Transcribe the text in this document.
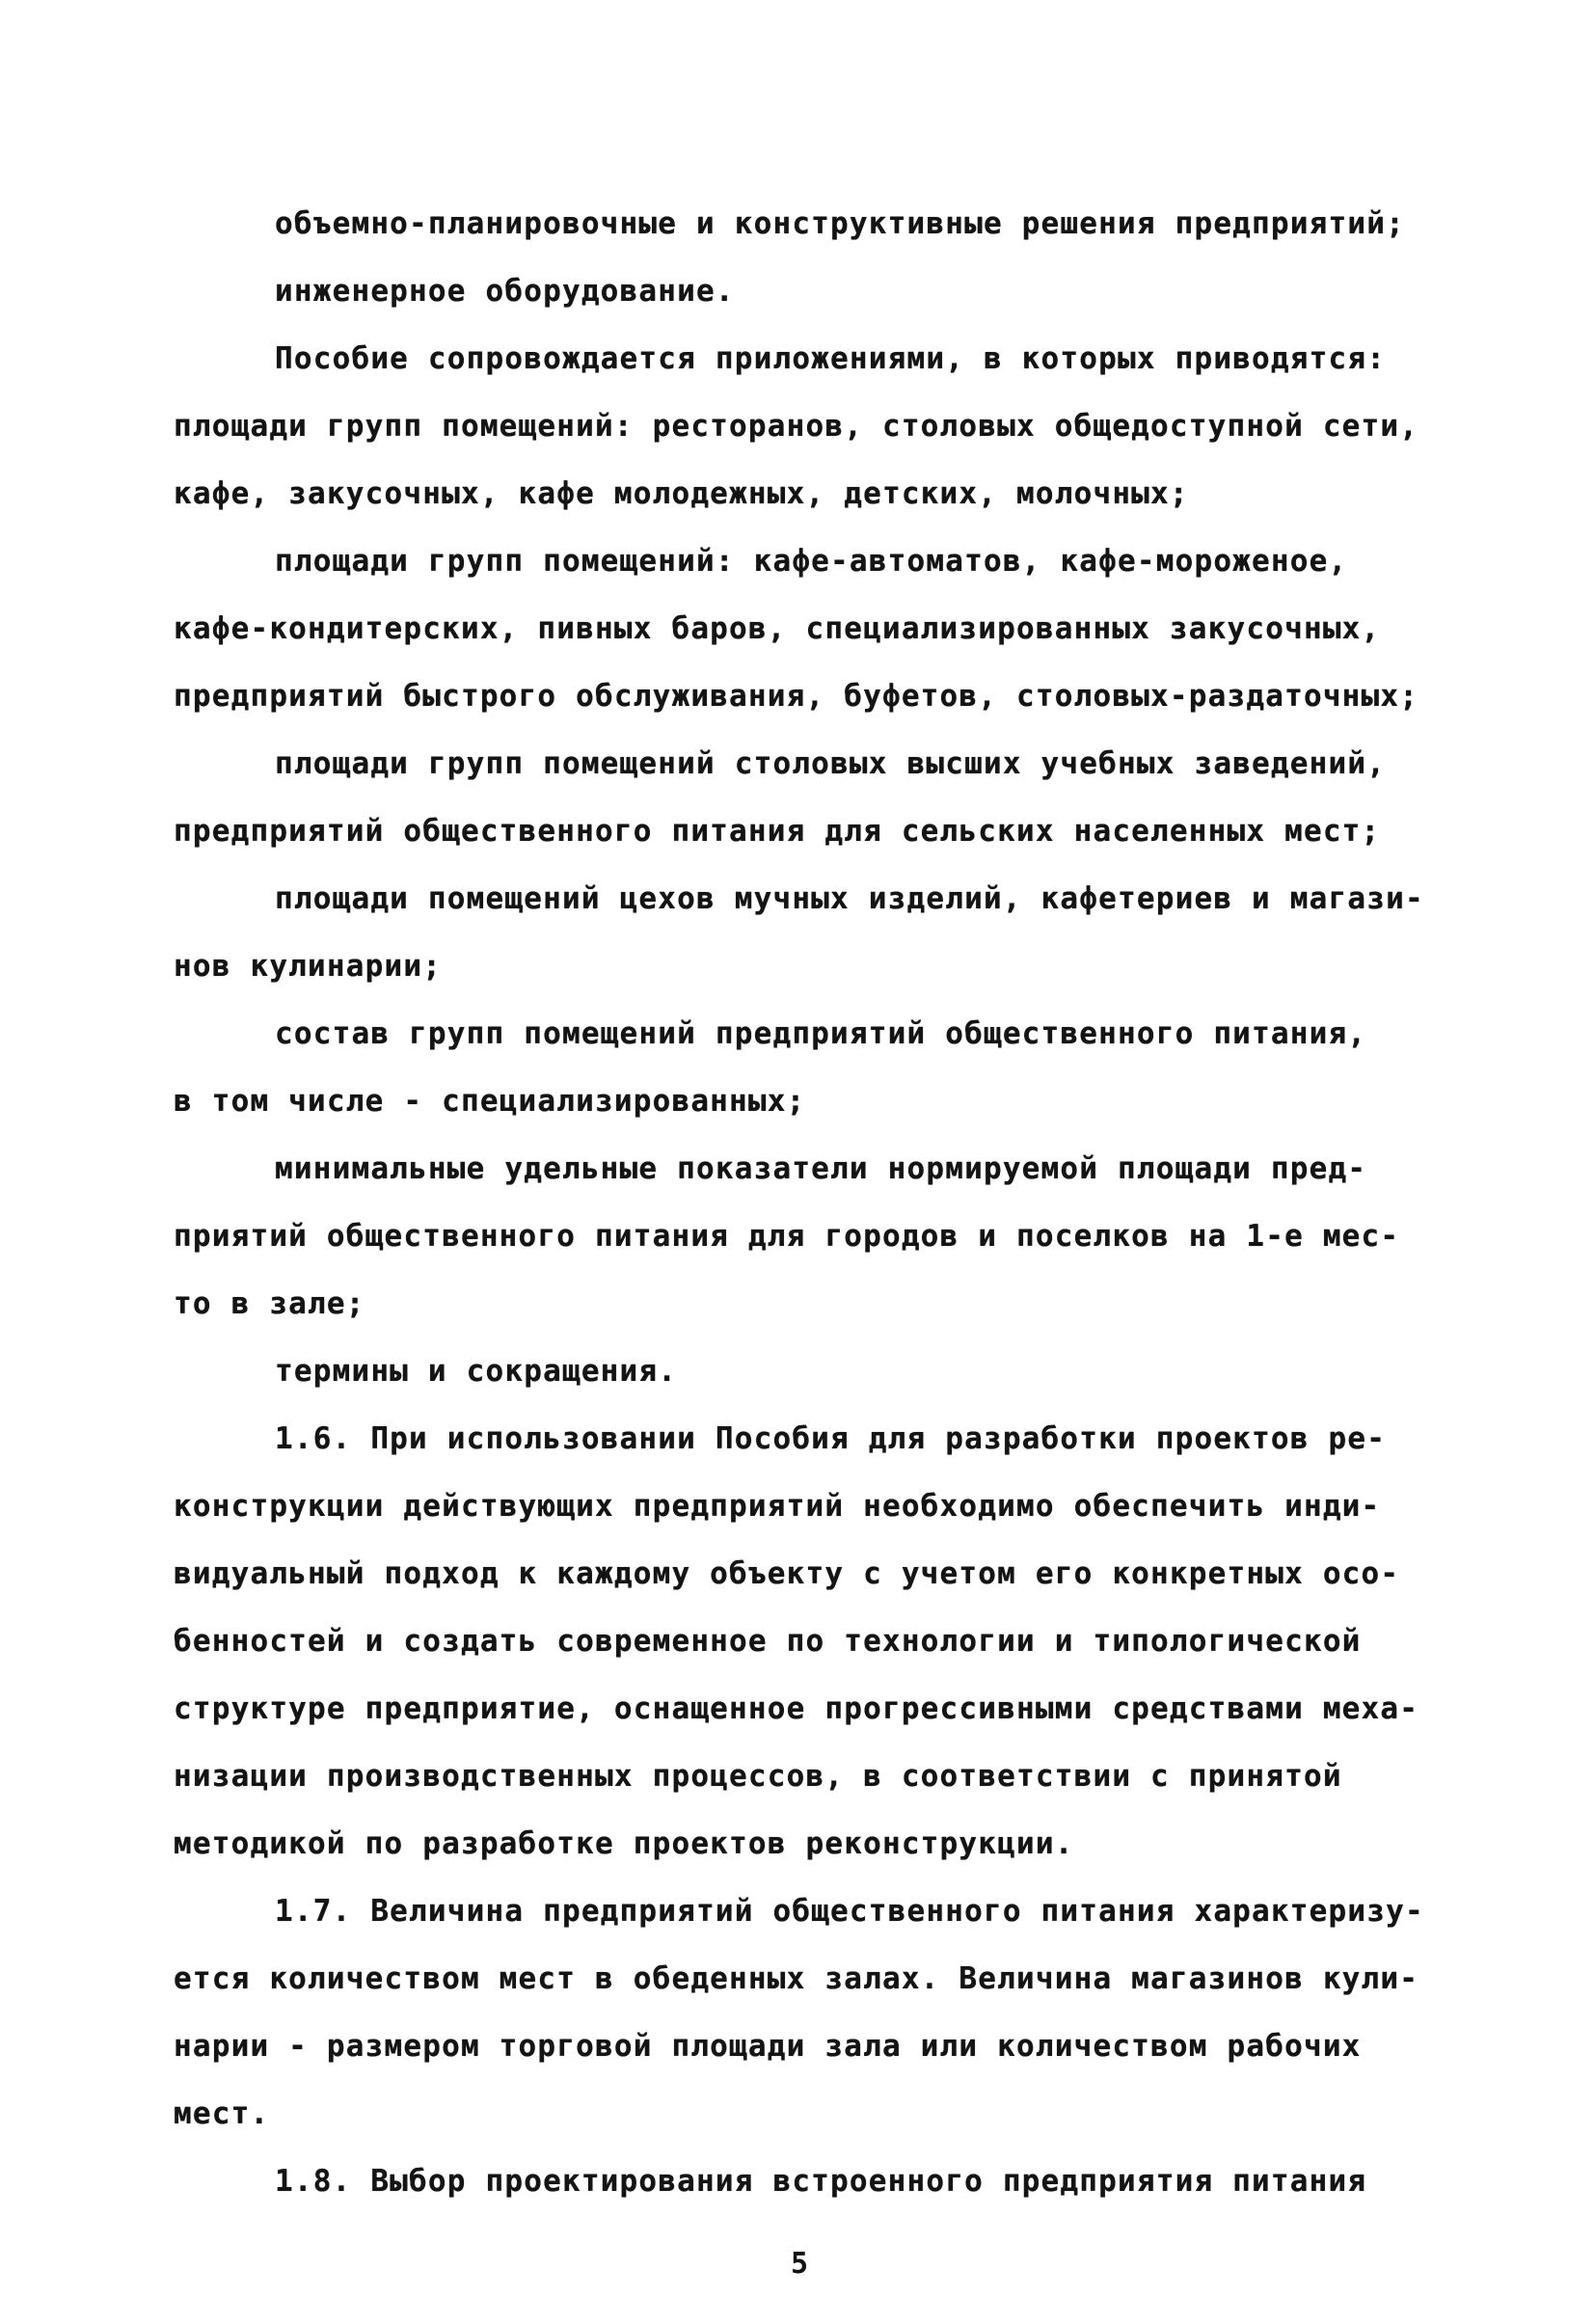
объемно-планировочные и конструктивные решения предприятий;
инженерное оборудование.
Пособие сопровождается приложениями, в которых приводятся:
площади групп помещений: ресторанов, столовых общедоступной сети,
кафе, закусочных, кафе молодежных, детских, молочных;
площади групп помещений: кафе-автоматов, кафе-мороженое,
кафе-кондитерских, пивных баров, специализированных закусочных,
предприятий быстрого обслуживания, буфетов, столовых-раздаточных;
площади групп помещений столовых высших учебных заведений,
предприятий общественного питания для сельских населенных мест;
площади помещений цехов мучных изделий, кафетериев и магази-
нов кулинарии;
состав групп помещений предприятий общественного питания,
в том числе - специализированных;
минимальные удельные показатели нормируемой площади пред-
приятий общественного питания для городов и поселков на 1-е мес-
то в зале;
термины и сокращения.
1.6. При использовании Пособия для разработки проектов ре-
конструкции действующих предприятий необходимо обеспечить инди-
видуальный подход к каждому объекту с учетом его конкретных осо-
бенностей и создать современное по технологии и типологической
структуре предприятие, оснащенное прогрессивными средствами меха-
низации производственных процессов, в соответствии с принятой
методикой по разработке проектов реконструкции.
1.7. Величина предприятий общественного питания характеризу-
ется количеством мест в обеденных залах. Величина магазинов кули-
нарии - размером торговой площади зала или количеством рабочих
мест.
1.8. Выбор проектирования встроенного предприятия питания
5
